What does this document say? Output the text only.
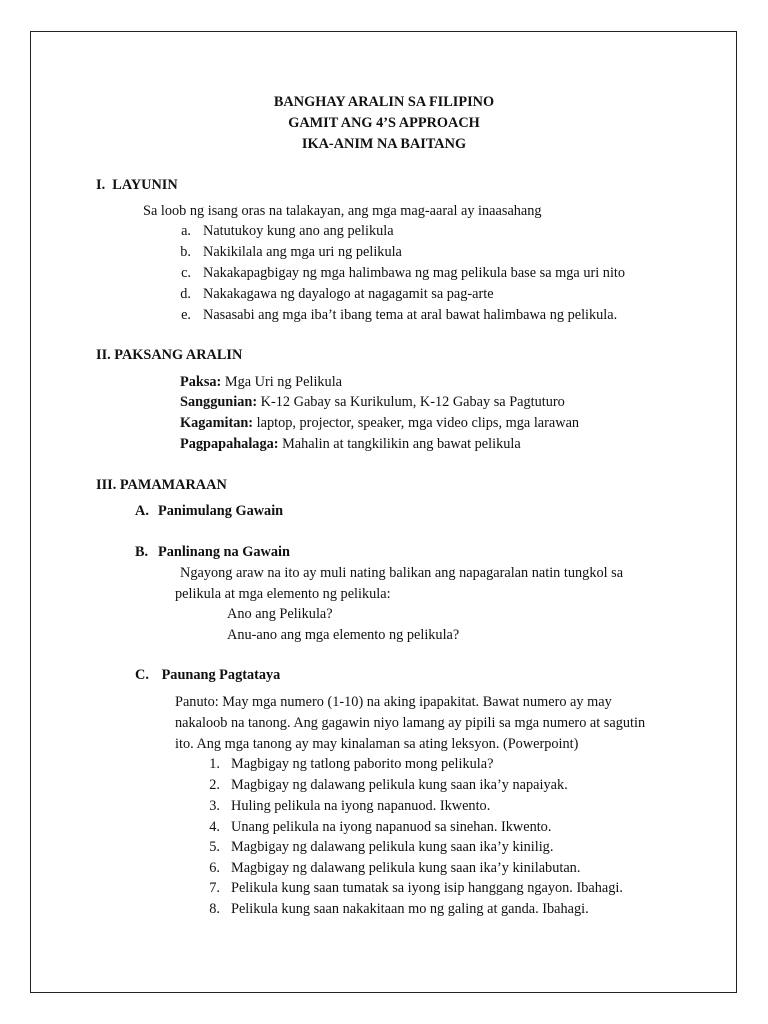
BANGHAY ARALIN SA FILIPINO
GAMIT ANG 4’S APPROACH
IKA-ANIM NA BAITANG
I.  LAYUNIN
Sa loob ng isang oras na talakayan, ang mga mag-aaral ay inaasahang
a. Natutukoy kung ano ang pelikula
b. Nakikilala ang mga uri ng pelikula
c. Nakakapagbigay ng mga halimbawa ng mag pelikula base sa mga uri nito
d. Nakakagawa ng dayalogo at nagagamit sa pag-arte
e. Nasasabi ang mga iba’t ibang tema at aral bawat halimbawa ng pelikula.
II. PAKSANG ARALIN
Paksa: Mga Uri ng Pelikula
Sanggunian: K-12 Gabay sa Kurikulum, K-12 Gabay sa Pagtuturo
Kagamitan: laptop, projector, speaker, mga video clips, mga larawan
Pagpapahalaga: Mahalin at tangkilikin ang bawat pelikula
III. PAMAMARAAN
A. Panimulang Gawain
B. Panlinang na Gawain
Ngayong araw na ito ay muli nating balikan ang napagaralan natin tungkol sa
pelikula at mga elemento ng pelikula:
Ano ang Pelikula?
Anu-ano ang mga elemento ng pelikula?
C. Paunang Pagtataya
Panuto: May mga numero (1-10) na aking ipapakitat. Bawat numero ay may
nakaloob na tanong. Ang gagawin niyo lamang ay pipili sa mga numero at sagutin
ito. Ang mga tanong ay may kinalaman sa ating leksyon. (Powerpoint)
1. Magbigay ng tatlong paborito mong pelikula?
2. Magbigay ng dalawang pelikula kung saan ika’y napaiyak.
3. Huling pelikula na iyong napanuod. Ikwento.
4. Unang pelikula na iyong napanuod sa sinehan. Ikwento.
5. Magbigay ng dalawang pelikula kung saan ika’y kinilig.
6. Magbigay ng dalawang pelikula kung saan ika’y kinilabutan.
7. Pelikula kung saan tumatak sa iyong isip hanggang ngayon. Ibahagi.
8. Pelikula kung saan nakakitaan mo ng galing at ganda. Ibahagi.
